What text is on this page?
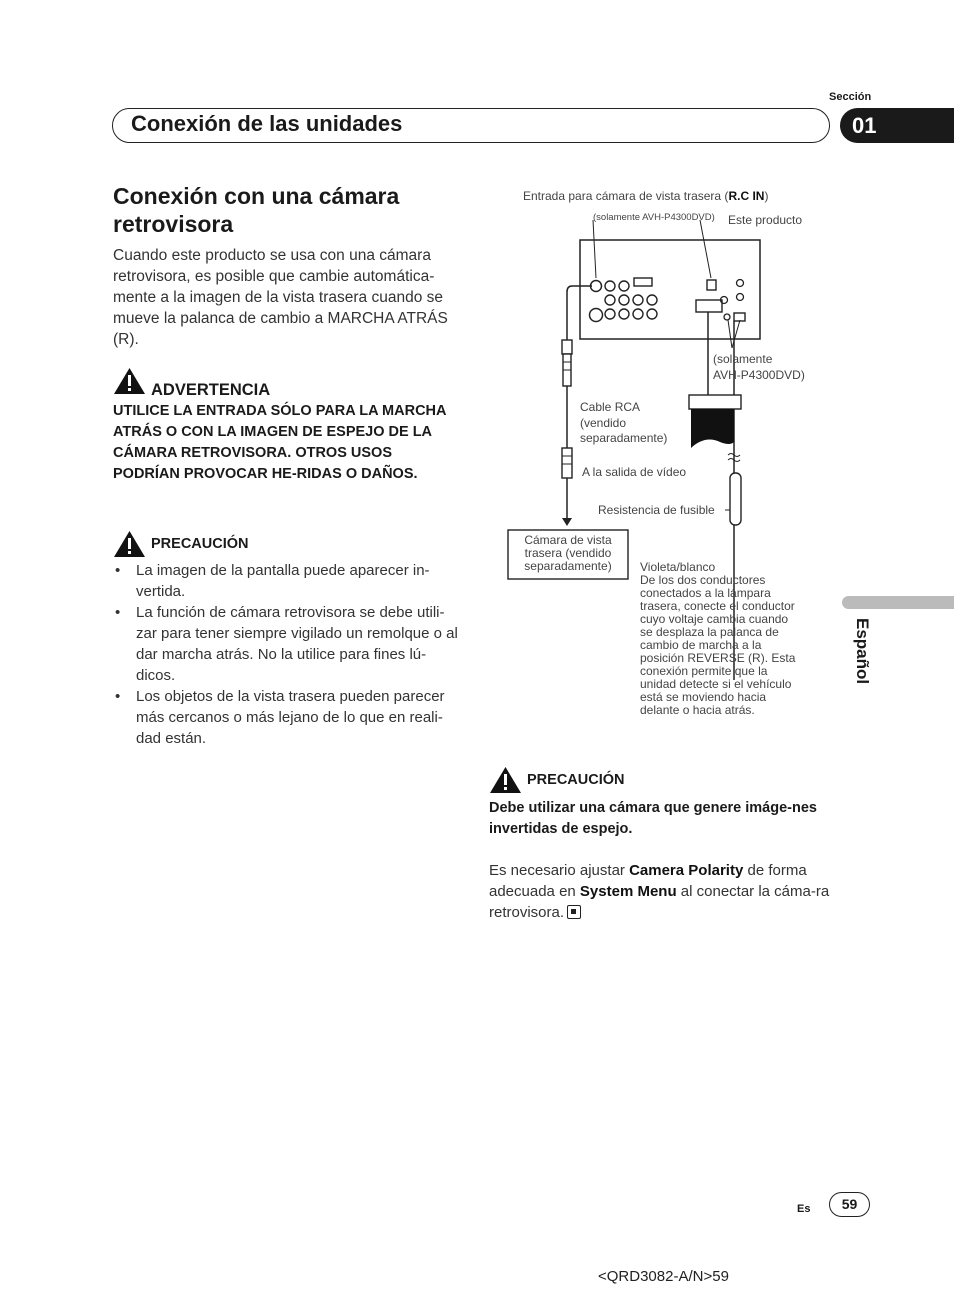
Sección
Conexión de las unidades	01
Conexión con una cámara retrovisora
Cuando este producto se usa con una cámara retrovisora, es posible que cambie automática-mente a la imagen de la vista trasera cuando se mueve la palanca de cambio a MARCHA ATRÁS (R).
ADVERTENCIA
UTILICE LA ENTRADA SÓLO PARA LA MARCHA ATRÁS O CON LA IMAGEN DE ESPEJO DE LA CÁMARA RETROVISORA. OTROS USOS PODRÍAN PROVOCAR HE-RIDAS O DAÑOS.
PRECAUCIÓN
• La imagen de la pantalla puede aparecer in-vertida.
• La función de cámara retrovisora se debe utili-zar para tener siempre vigilado un remolque o al dar marcha atrás. No la utilice para fines lú-dicos.
• Los objetos de la vista trasera pueden parecer más cercanos o más lejano de lo que en reali-dad están.
Entrada para cámara de vista trasera (R.C IN)
(solamente AVH-P4300DVD) Este producto
(solamente
AVH-P4300DVD)
Cable RCA
(vendido
separadamente)
A la salida de vídeo
Resistencia de fusible
Cámara de vista
trasera (vendido
separadamente)	Violeta/blanco
De los dos conductores
conectados a la lámpara
trasera, conecte el conductor
cuyo voltaje cambia cuando
se desplaza la palanca de
cambio de marcha a la
posición REVERSE (R). Esta
conexión permite que la
unidad detecte si el vehículo
está se moviendo hacia
delante o hacia atrás.
PRECAUCIÓN
Debe utilizar una cámara que genere imáge-nes invertidas de espejo.
Es necesario ajustar Camera Polarity de forma adecuada en System Menu al conectar la cáma-ra retrovisora.
Español
Es	59
<QRD3082-A/N>59
